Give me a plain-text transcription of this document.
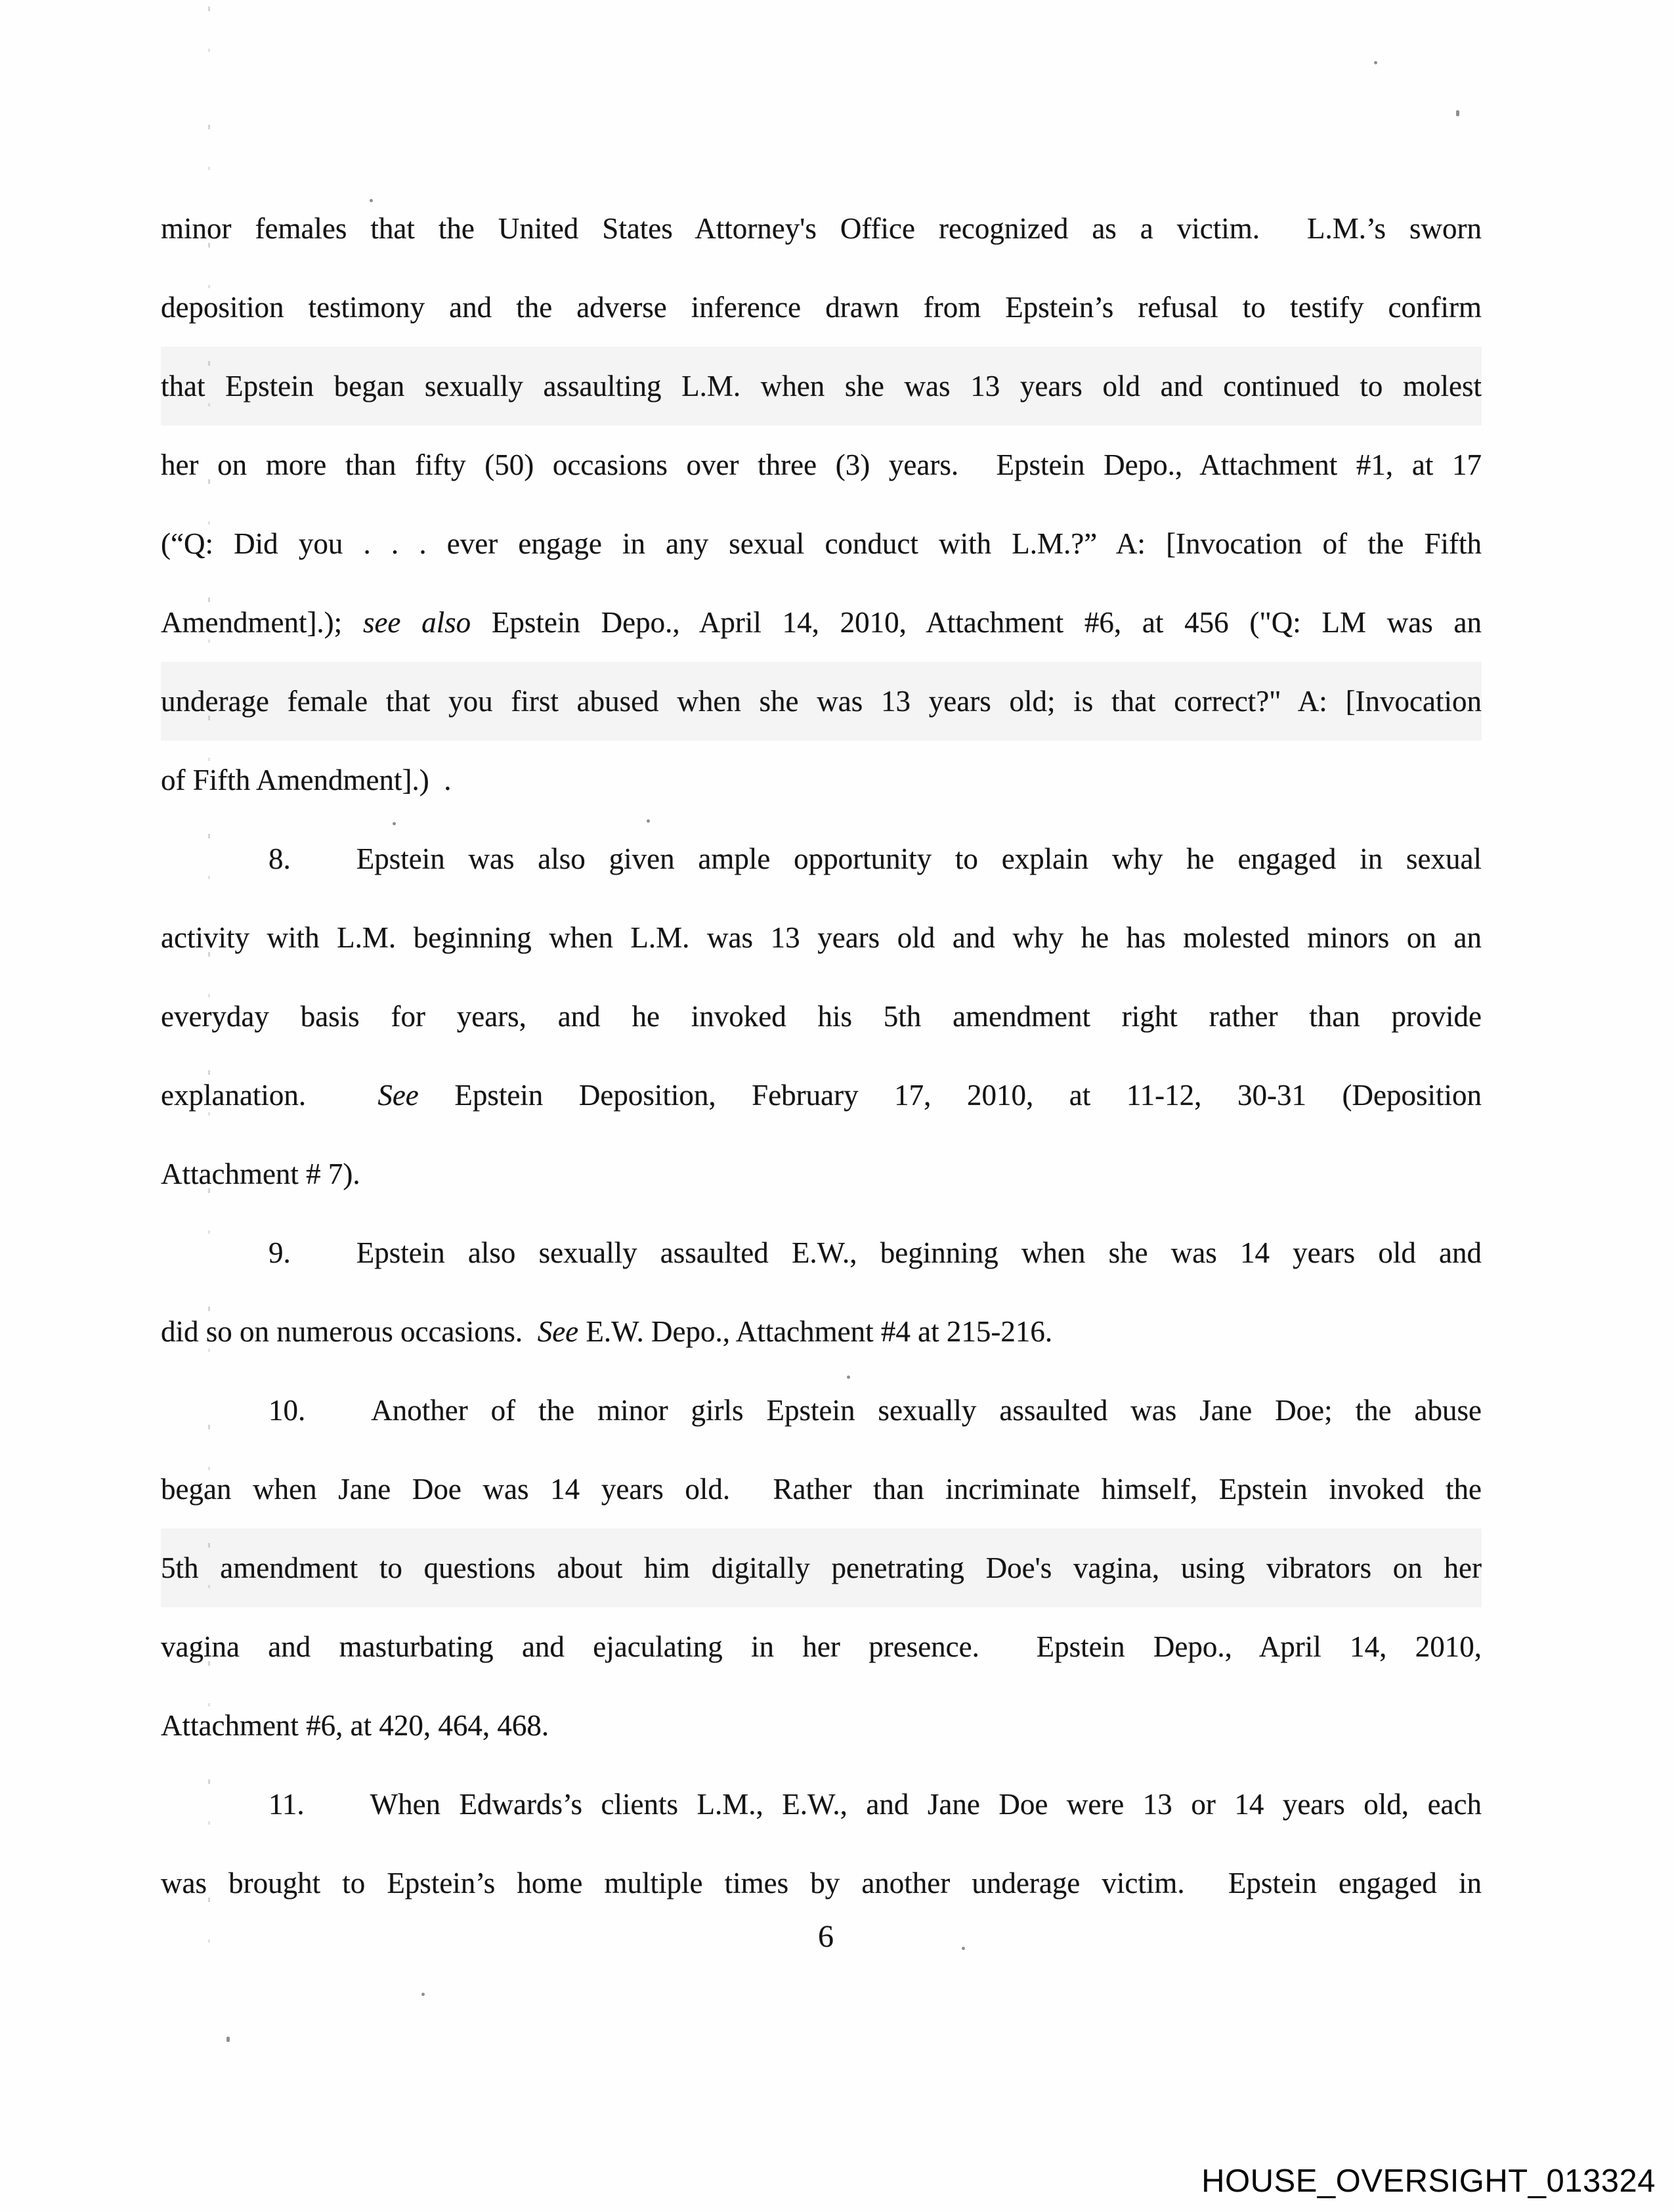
minor females that the United States Attorney's Office recognized as a victim.  L.M.’s sworn
deposition testimony and the adverse inference drawn from Epstein’s refusal to testify confirm
that Epstein began sexually assaulting L.M. when she was 13 years old and continued to molest
her on more than fifty (50) occasions over three (3) years.  Epstein Depo., Attachment #1, at 17
(“Q: Did you . . . ever engage in any sexual conduct with L.M.?” A: [Invocation of the Fifth
Amendment].); see also Epstein Depo., April 14, 2010, Attachment #6, at 456 ("Q: LM was an
underage female that you first abused when she was 13 years old; is that correct?" A: [Invocation
of Fifth Amendment].)  .
8. Epstein was also given ample opportunity to explain why he engaged in sexual
activity with L.M. beginning when L.M. was 13 years old and why he has molested minors on an
everyday basis for years, and he invoked his 5th amendment right rather than provide
explanation.  See Epstein Deposition, February 17, 2010, at 11-12, 30-31 (Deposition
Attachment # 7).
9. Epstein also sexually assaulted E.W., beginning when she was 14 years old and
did so on numerous occasions.  See E.W. Depo., Attachment #4 at 215-216.
10. Another of the minor girls Epstein sexually assaulted was Jane Doe; the abuse
began when Jane Doe was 14 years old.  Rather than incriminate himself, Epstein invoked the
5th amendment to questions about him digitally penetrating Doe's vagina, using vibrators on her
vagina and masturbating and ejaculating in her presence.  Epstein Depo., April 14, 2010,
Attachment #6, at 420, 464, 468.
11. When Edwards’s clients L.M., E.W., and Jane Doe were 13 or 14 years old, each
was brought to Epstein’s home multiple times by another underage victim.  Epstein engaged in
6
HOUSE_OVERSIGHT_013324
